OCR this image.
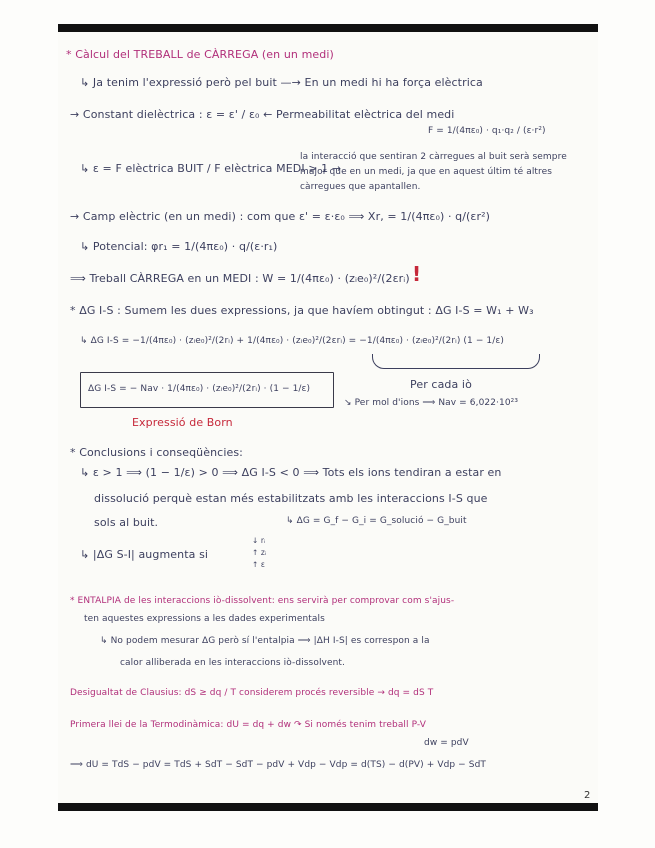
* Càlcul del TREBALL de CÀRREGA (en un medi)
↳ Ja tenim l'expressió però pel buit —→ En un medi hi ha força elèctrica
→ Constant dielèctrica : ε = ε' / ε₀ ← Permeabilitat elèctrica del medi
F = 1/(4πε₀) · q₁·q₂ / (ε·r²)
↳ ε = F elèctrica BUIT / F elèctrica MEDI > 1 →
la interacció que sentiran 2 càrregues al buit serà sempre major que en un medi, ja que en aquest últim té altres càrregues que apantallen.
→ Camp elèctric (en un medi) : com que ε' = ε·ε₀ ⟹ Xr, = 1/(4πε₀) · q/(εr²)
↳ Potencial: φr₁ = 1/(4πε₀) · q/(ε·r₁)
⟹ Treball CÀRREGA en un MEDI : W = 1/(4πε₀) · (zᵢe₀)²/(2εrᵢ) !
* ΔG I-S : Sumem les dues expressions, ja que havíem obtingut : ΔG I-S = W₁ + W₃
↳ ΔG I-S = −1/(4πε₀) · (zᵢe₀)²/(2rᵢ) + 1/(4πε₀) · (zᵢe₀)²/(2εrᵢ) = −1/(4πε₀) · (zᵢe₀)²/(2rᵢ) (1 − 1/ε)
Per cada iò
ΔG I-S = − Nav · 1/(4πε₀) · (zᵢe₀)²/(2rᵢ) · (1 − 1/ε)
Expressió de Born
↘ Per mol d'ions ⟹ Nav = 6,022·10²³
* Conclusions i conseqüències:
↳ ε > 1 ⟹ (1 − 1/ε) > 0 ⟹ ΔG I-S < 0 ⟹ Tots els ions tendiran a estar en
dissolució perquè estan més estabilitzats amb les interaccions I-S que
sols al buit.	↳ ΔG = G_f − G_i = G_solució − G_buit
↳ |ΔG S-I| augmenta si
↓ rᵢ
↑ zᵢ
↑ ε
* ENTALPIA de les interaccions iò-dissolvent: ens servirà per comprovar com s'ajus-
ten aquestes expressions a les dades experimentals
↳ No podem mesurar ΔG però sí l'entalpia ⟹ |ΔH I-S| es correspon a la
calor alliberada en les interaccions iò-dissolvent.
Desigualtat de Clausius: dS ≥ dq / T considerem procés reversible → dq = dS T
Primera llei de la Termodinàmica: dU = dq + dw ↷ Si només tenim treball P-V
dw = pdV
⟹ dU = TdS − pdV = TdS + SdT − SdT − pdV + Vdp − Vdp = d(TS) − d(PV) + Vdp − SdT
2
